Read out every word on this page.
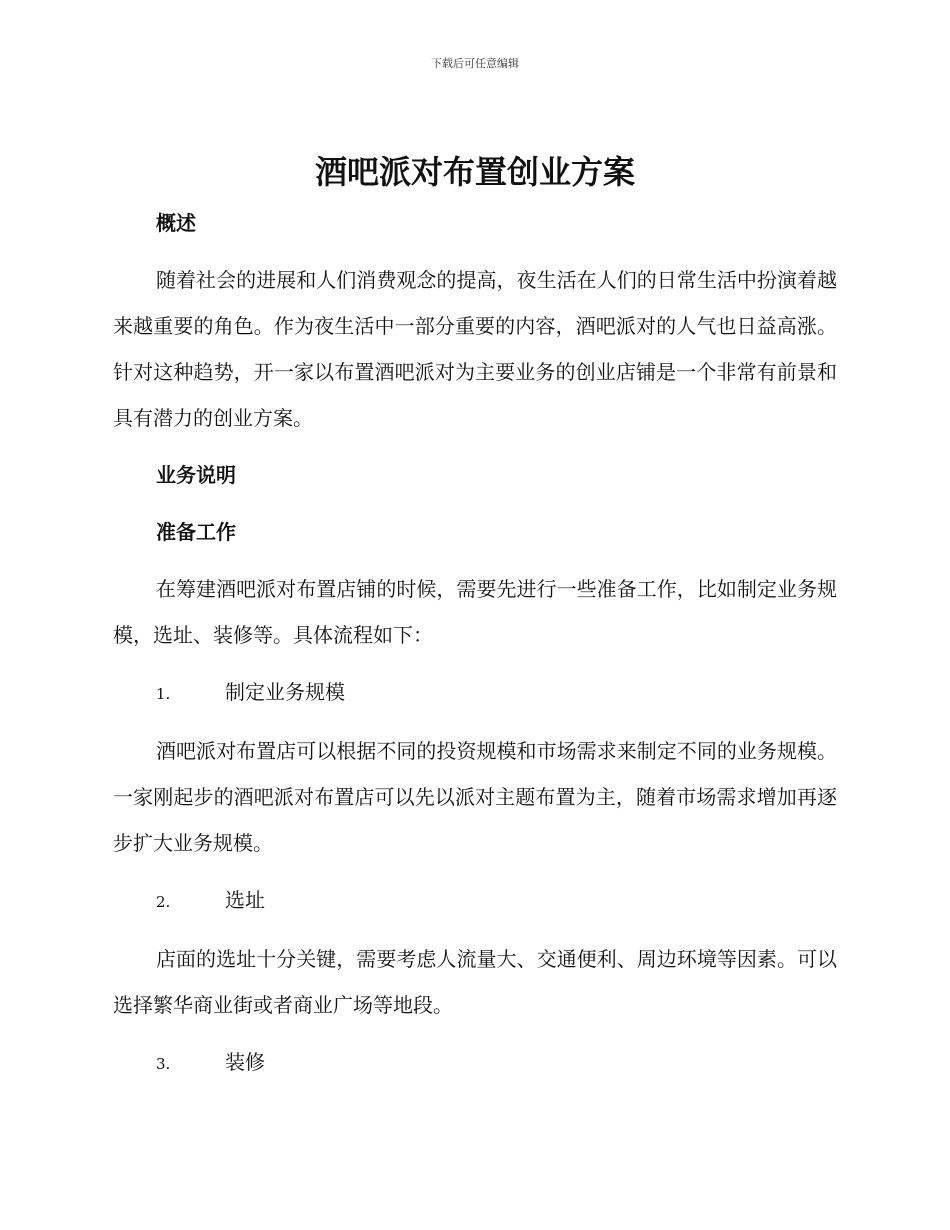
下载后可任意编辑
酒吧派对布置创业方案
概述
随着社会的进展和人们消费观念的提高，夜生活在人们的日常生活中扮演着越来越重要的角色。作为夜生活中一部分重要的内容，酒吧派对的人气也日益高涨。针对这种趋势，开一家以布置酒吧派对为主要业务的创业店铺是一个非常有前景和具有潜力的创业方案。
业务说明
准备工作
在筹建酒吧派对布置店铺的时候，需要先进行一些准备工作，比如制定业务规模，选址、装修等。具体流程如下：
1.	制定业务规模
酒吧派对布置店可以根据不同的投资规模和市场需求来制定不同的业务规模。一家刚起步的酒吧派对布置店可以先以派对主题布置为主，随着市场需求增加再逐步扩大业务规模。
2.	选址
店面的选址十分关键，需要考虑人流量大、交通便利、周边环境等因素。可以选择繁华商业街或者商业广场等地段。
3.	装修
